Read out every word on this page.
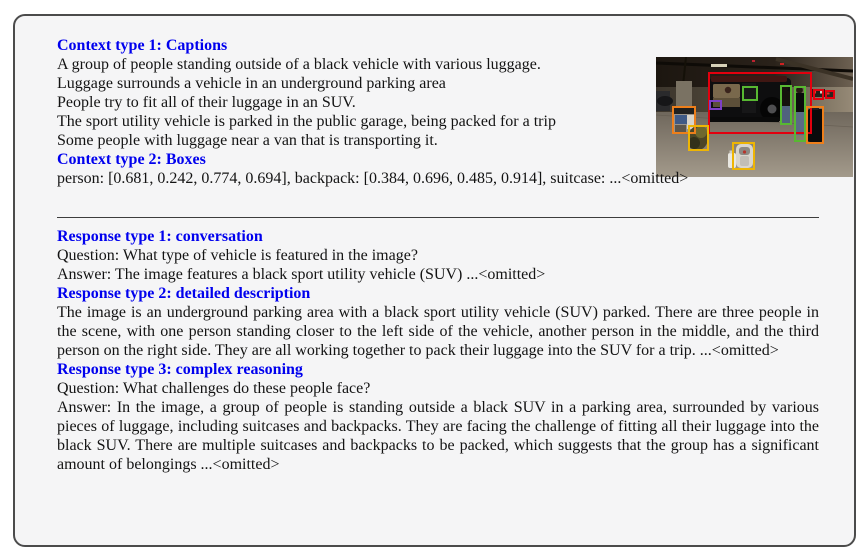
Context type 1: Captions
A group of people standing outside of a black vehicle with various luggage.
Luggage surrounds a vehicle in an underground parking area
People try to fit all of their luggage in an SUV.
The sport utility vehicle is parked in the public garage, being packed for a trip
Some people with luggage near a van that is transporting it.
Context type 2: Boxes
person: [0.681, 0.242, 0.774, 0.694], backpack: [0.384, 0.696, 0.485, 0.914], suitcase: ...<omitted>
Response type 1: conversation
Question: What type of vehicle is featured in the image?
Answer: The image features a black sport utility vehicle (SUV) ...<omitted>
Response type 2: detailed description

The image is an underground parking area with a black sport utility vehicle (SUV) parked. There are three people in the scene, with one person standing closer to the left side of the vehicle, another person in the middle, and the third person on the right side. They are all working together to pack their luggage into the SUV for a trip. ...<omitted>

Response type 3: complex reasoning
Question: What challenges do these people face?

Answer: In the image, a group of people is standing outside a black SUV in a parking area, surrounded by various pieces of luggage, including suitcases and backpacks. They are facing the challenge of fitting all their luggage into the black SUV. There are multiple suitcases and backpacks to be packed, which suggests that the group has a significant amount of belongings ...<omitted>
